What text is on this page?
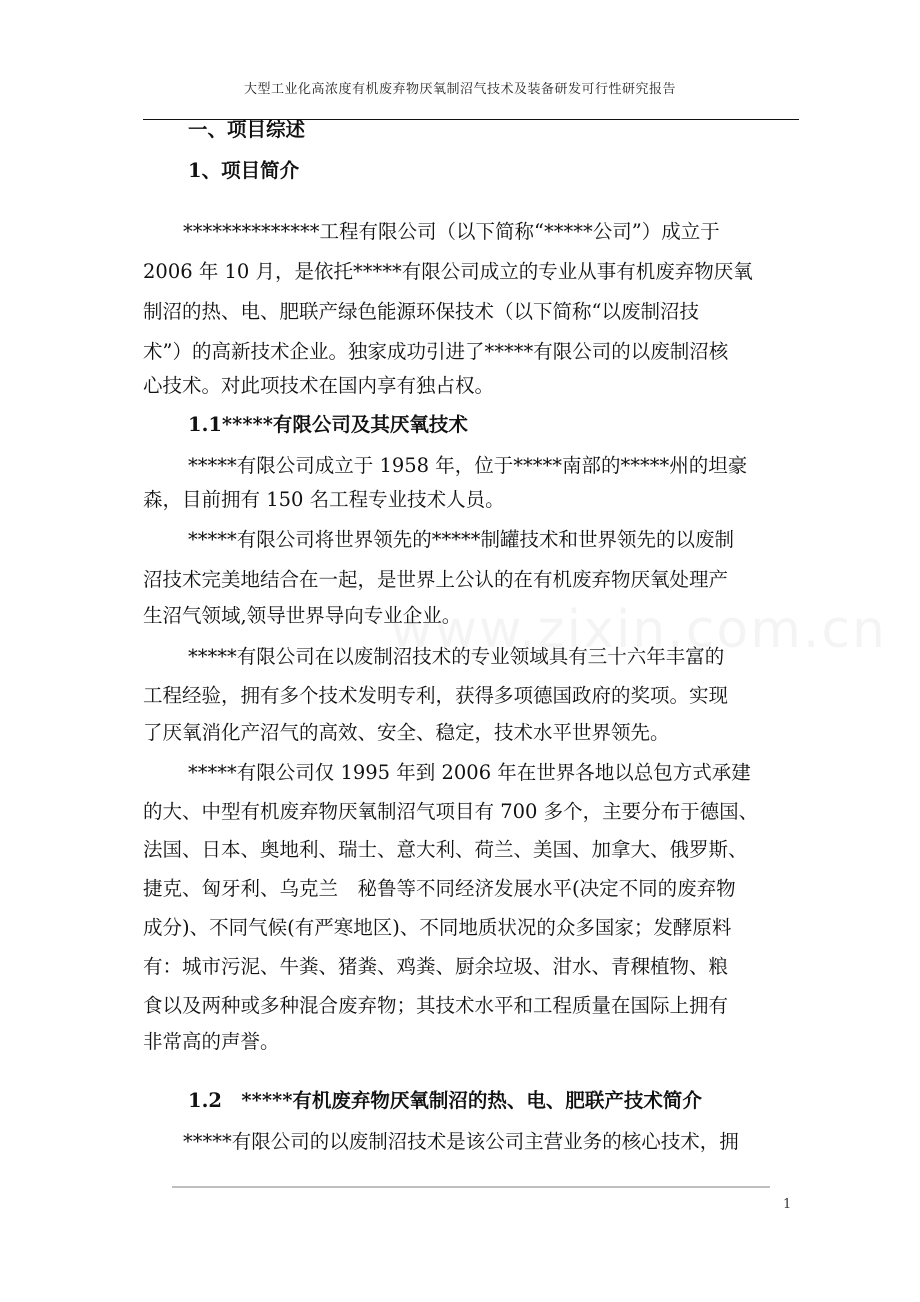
大型工业化高浓度有机废弃物厌氧制沼气技术及装备研发可行性研究报告
一、项目综述
1、项目简介
**************工程有限公司（以下简称“*****公司”）成立于
2006 年 10 月，是依托*****有限公司成立的专业从事有机废弃物厌氧
制沼的热、电、肥联产绿色能源环保技术（以下简称“以废制沼技
术”）的高新技术企业。独家成功引进了*****有限公司的以废制沼核
心技术。对此项技术在国内享有独占权。
1.1*****有限公司及其厌氧技术
*****有限公司成立于 1958 年，位于*****南部的*****州的坦豪
森，目前拥有 150 名工程专业技术人员。
*****有限公司将世界领先的*****制罐技术和世界领先的以废制
沼技术完美地结合在一起，是世界上公认的在有机废弃物厌氧处理产
生沼气领域,领导世界导向专业企业。
*****有限公司在以废制沼技术的专业领域具有三十六年丰富的
工程经验，拥有多个技术发明专利，获得多项德国政府的奖项。实现
了厌氧消化产沼气的高效、安全、稳定，技术水平世界领先。
*****有限公司仅 1995 年到 2006 年在世界各地以总包方式承建
的大、中型有机废弃物厌氧制沼气项目有 700 多个，主要分布于德国、
法国、日本、奥地利、瑞士、意大利、荷兰、美国、加拿大、俄罗斯、
捷克、匈牙利、乌克兰　秘鲁等不同经济发展水平(决定不同的废弃物
成分)、不同气候(有严寒地区)、不同地质状况的众多国家；发酵原料
有：城市污泥、牛粪、猪粪、鸡粪、厨余垃圾、泔水、青稞植物、粮
食以及两种或多种混合废弃物；其技术水平和工程质量在国际上拥有
非常高的声誉。
1.2　*****有机废弃物厌氧制沼的热、电、肥联产技术简介
*****有限公司的以废制沼技术是该公司主营业务的核心技术，拥
1
